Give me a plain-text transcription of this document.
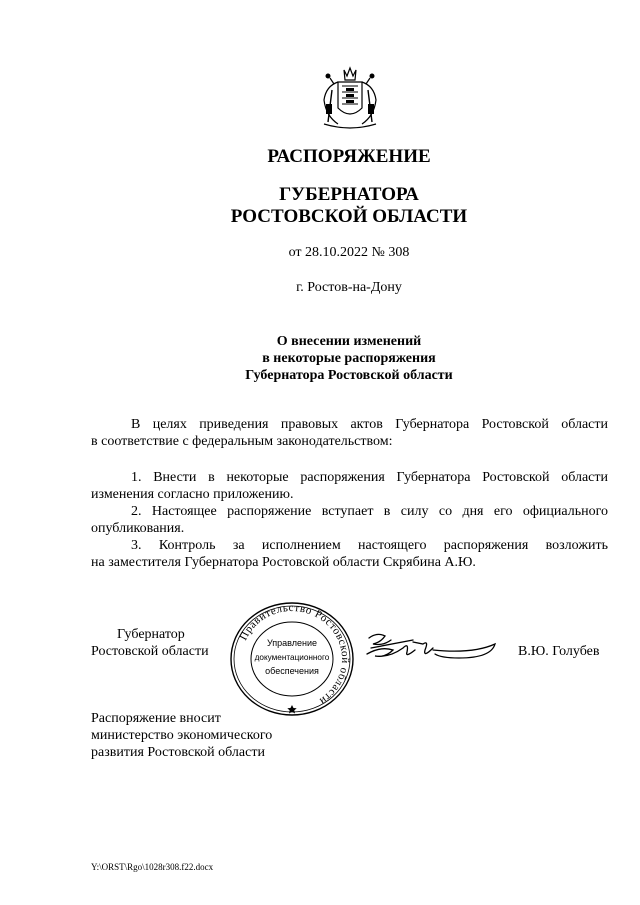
РАСПОРЯЖЕНИЕ
ГУБЕРНАТОРА
РОСТОВСКОЙ ОБЛАСТИ
от 28.10.2022 № 308
г. Ростов-на-Дону
О внесении изменений
в некоторые распоряжения
Губернатора Ростовской области
В целях приведения правовых актов Губернатора Ростовской области
в соответствие с федеральным законодательством:
1. Внести в некоторые распоряжения Губернатора Ростовской области
изменения согласно приложению.
2. Настоящее распоряжение вступает в силу со дня его официального
опубликования.
3. Контроль за исполнением настоящего распоряжения возложить
на заместителя Губернатора Ростовской области Скрябина А.Ю.
Губернатор
Ростовской области	В.Ю. Голубев
Правительство Ростовской области
Управление
документационного
обеспечения
Распоряжение вносит
министерство экономического
развития Ростовской области
Y:\ORST\Rgo\1028r308.f22.docx
